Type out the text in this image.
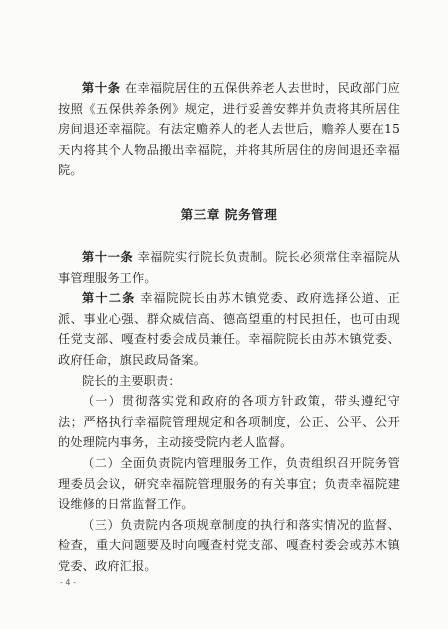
第十条 在幸福院居住的五保供养老人去世时，民政部门应按照《五保供养条例》规定，进行妥善安葬并负责将其所居住房间退还幸福院。有法定赡养人的老人去世后，赡养人要在15天内将其个人物品搬出幸福院，并将其所居住的房间退还幸福院。

第三章 院务管理

第十一条 幸福院实行院长负责制。院长必须常住幸福院从事管理服务工作。

第十二条 幸福院院长由苏木镇党委、政府选择公道、正派、事业心强、群众威信高、德高望重的村民担任，也可由现任党支部、嘎查村委会成员兼任。幸福院院长由苏木镇党委、政府任命，旗民政局备案。

院长的主要职责：

（一）贯彻落实党和政府的各项方针政策，带头遵纪守法；严格执行幸福院管理规定和各项制度，公正、公平、公开的处理院内事务，主动接受院内老人监督。

（二）全面负责院内管理服务工作，负责组织召开院务管理委员会议，研究幸福院管理服务的有关事宜；负责幸福院建设维修的日常监督工作。

（三）负责院内各项规章制度的执行和落实情况的监督、检查，重大问题要及时向嘎查村党支部、嘎查村委会或苏木镇党委、政府汇报。

- 4 -
